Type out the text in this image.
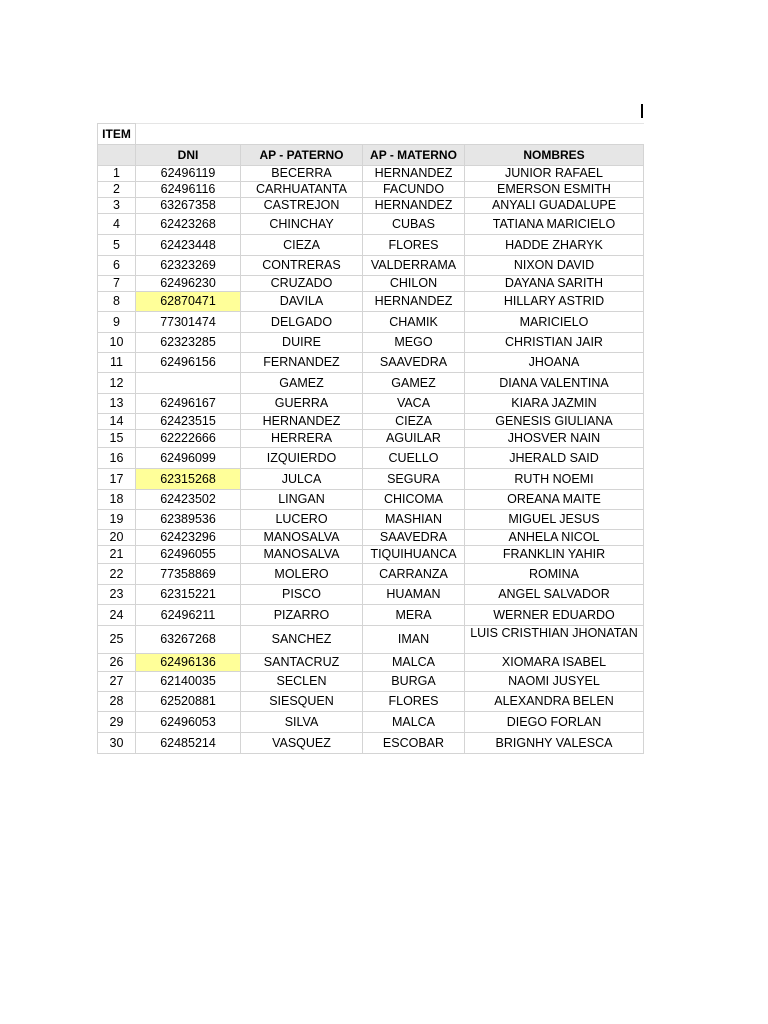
ITEM				
	DNI	AP - PATERNO	AP - MATERNO	NOMBRES
1	62496119	BECERRA	HERNANDEZ	JUNIOR RAFAEL
2	62496116	CARHUATANTA	FACUNDO	EMERSON ESMITH
3	63267358	CASTREJON	HERNANDEZ	ANYALI GUADALUPE
4	62423268	CHINCHAY	CUBAS	TATIANA MARICIELO
5	62423448	CIEZA	FLORES	HADDE ZHARYK
6	62323269	CONTRERAS	VALDERRAMA	NIXON DAVID
7	62496230	CRUZADO	CHILON	DAYANA SARITH
8	62870471	DAVILA	HERNANDEZ	HILLARY ASTRID
9	77301474	DELGADO	CHAMIK	MARICIELO
10	62323285	DUIRE	MEGO	CHRISTIAN JAIR
11	62496156	FERNANDEZ	SAAVEDRA	JHOANA
12		GAMEZ	GAMEZ	DIANA VALENTINA
13	62496167	GUERRA	VACA	KIARA JAZMIN
14	62423515	HERNANDEZ	CIEZA	GENESIS GIULIANA
15	62222666	HERRERA	AGUILAR	JHOSVER NAIN
16	62496099	IZQUIERDO	CUELLO	JHERALD SAID
17	62315268	JULCA	SEGURA	RUTH NOEMI
18	62423502	LINGAN	CHICOMA	OREANA MAITE
19	62389536	LUCERO	MASHIAN	MIGUEL JESUS
20	62423296	MANOSALVA	SAAVEDRA	ANHELA NICOL
21	62496055	MANOSALVA	TIQUIHUANCA	FRANKLIN YAHIR
22	77358869	MOLERO	CARRANZA	ROMINA
23	62315221	PISCO	HUAMAN	ANGEL SALVADOR
24	62496211	PIZARRO	MERA	WERNER EDUARDO
25	63267268	SANCHEZ	IMAN	LUIS CRISTHIAN JHONATAN
26	62496136	SANTACRUZ	MALCA	XIOMARA ISABEL
27	62140035	SECLEN	BURGA	NAOMI JUSYEL
28	62520881	SIESQUEN	FLORES	ALEXANDRA BELEN
29	62496053	SILVA	MALCA	DIEGO FORLAN
30	62485214	VASQUEZ	ESCOBAR	BRIGNHY VALESCA
